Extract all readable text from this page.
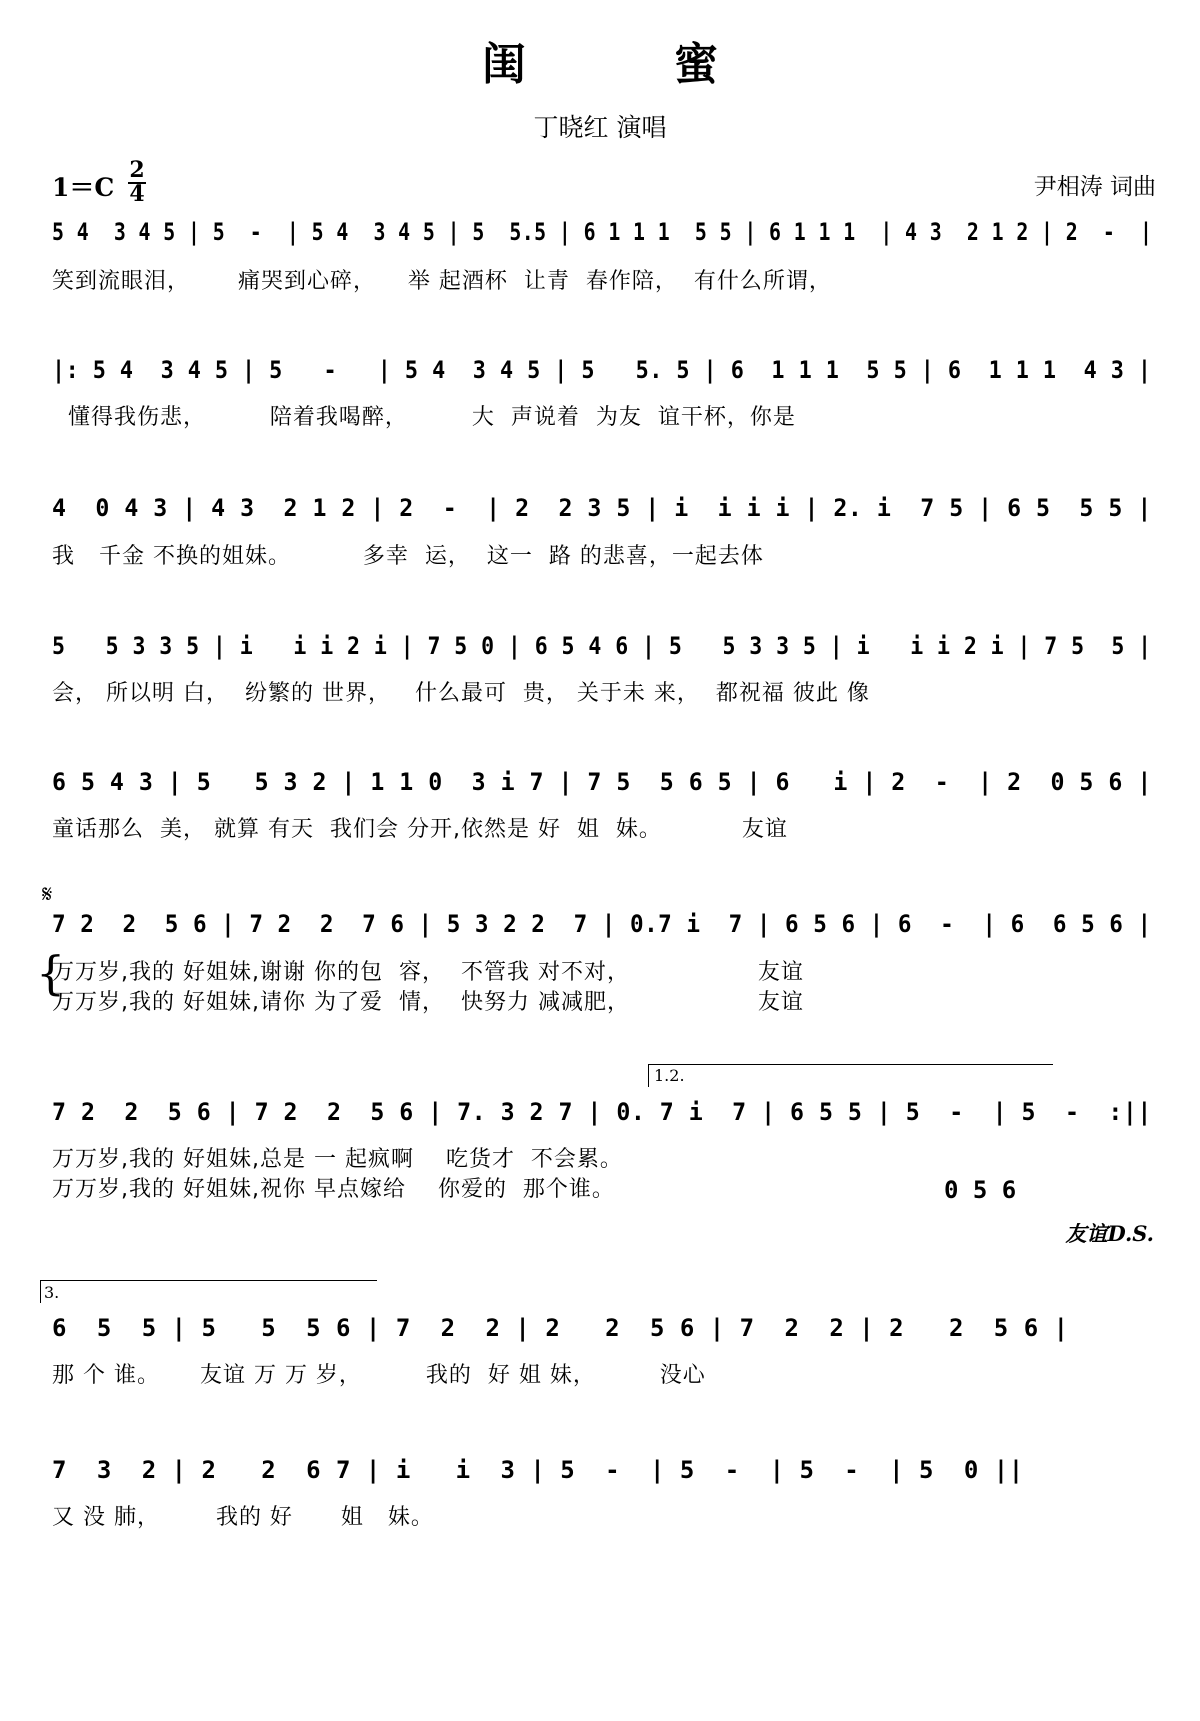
闺　蜜
丁晓红 演唱
1＝C
2
4	尹相涛 词曲
5 4  3 4 5 | 5  -  | 5 4  3 4 5 | 5  5.5 | 6 1 1 1  5 5 | 6 1 1 1  | 4 3  2 1 2 | 2  -  |
笑到流眼泪，      痛哭到心碎，    举 起酒杯  让青  春作陪，  有什么所谓，
|: 5 4  3 4 5 | 5   -   | 5 4  3 4 5 | 5   5. 5 | 6  1 1 1  5 5 | 6  1 1 1  4 3 |
懂得我伤悲，        陪着我喝醉，        大  声说着  为友  谊干杯，你是
4  0 4 3 | 4 3  2 1 2 | 2  -  | 2  2 3 5 | i  i i i | 2. i  7 5 | 6 5  5 5 |
我   千金 不换的姐妹。         多幸  运，  这一  路 的悲喜，一起去体
5   5 3 3 5 | i   i i 2 i | 7 5 0 | 6 5 4 6 | 5   5 3 3 5 | i   i i 2 i | 7 5  5 |
会， 所以明 白，  纷繁的 世界，   什么最可  贵， 关于未 来，  都祝福 彼此 像
6 5 4 3 | 5   5 3 2 | 1 1 0  3 i 7 | 7 5  5 6 5 | 6   i | 2  -  | 2  0 5 6 |
童话那么  美， 就算 有天  我们会 分开,依然是 好  姐  妹。          友谊
𝄋
7 2  2  5 6 | 7 2  2  7 6 | 5 3 2 2  7 | 0.7 i  7 | 6 5 6 | 6  -  | 6  6 5 6 |
{
万万岁,我的 好姐妹,谢谢 你的包  容，  不管我 对不对，                友谊
万万岁,我的 好姐妹,请你 为了爱  情，  快努力 减减肥，                友谊
1.2.
7 2  2  5 6 | 7 2  2  5 6 | 7. 3 2 7 | 0. 7 i  7 | 6 5 5 | 5  -  | 5  -  :||
万万岁,我的 好姐妹,总是 一 起疯啊    吃货才  不会累。
万万岁,我的 好姐妹,祝你 早点嫁给    你爱的  那个谁。	0 5 6
友谊D.S.
3.
6  5  5 | 5   5  5 6 | 7  2  2 | 2   2  5 6 | 7  2  2 | 2   2  5 6 |
那 个 谁。     友谊 万 万 岁，        我的  好 姐 妹，        没心
7  3  2 | 2   2  6 7 | i   i  3 | 5  -  | 5  -  | 5  -  | 5  0 ||
又 没 肺，       我的 好      姐   妹。
